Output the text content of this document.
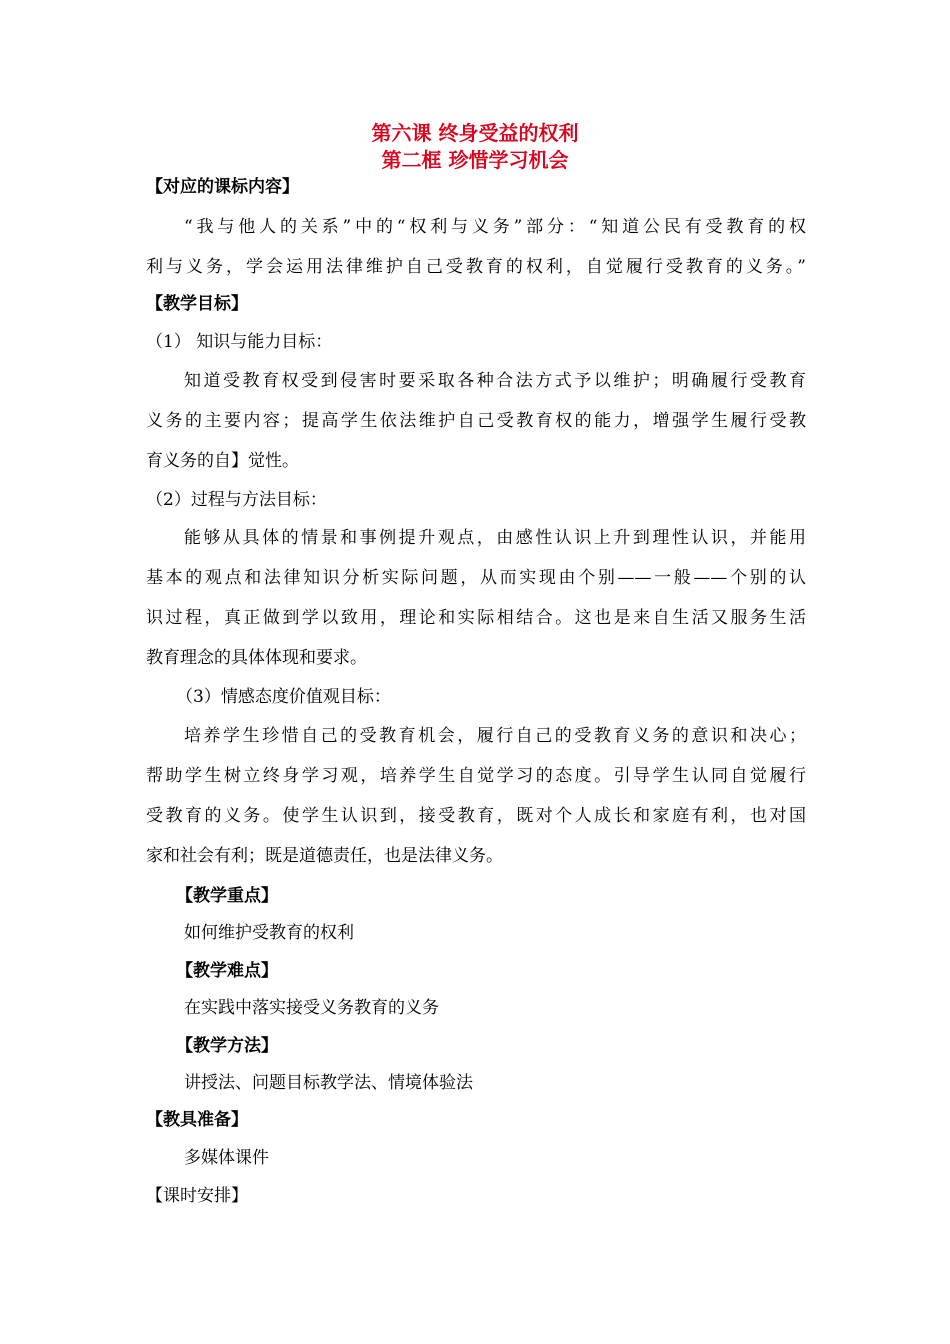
第六课 终身受益的权利
第二框 珍惜学习机会
【对应的课标内容】
“我与他人的关系”中的“权利与义务”部分：“知道公民有受教育的权
利与义务，学会运用法律维护自己受教育的权利，自觉履行受教育的义务。”
【教学目标】
（1） 知识与能力目标：
知道受教育权受到侵害时要采取各种合法方式予以维护；明确履行受教育
义务的主要内容；提高学生依法维护自己受教育权的能力，增强学生履行受教
育义务的自】觉性。
（2）过程与方法目标：
能够从具体的情景和事例提升观点，由感性认识上升到理性认识，并能用
基本的观点和法律知识分析实际问题，从而实现由个别——一般——个别的认
识过程，真正做到学以致用，理论和实际相结合。这也是来自生活又服务生活
教育理念的具体体现和要求。
（3）情感态度价值观目标：
培养学生珍惜自己的受教育机会，履行自己的受教育义务的意识和决心；
帮助学生树立终身学习观，培养学生自觉学习的态度。引导学生认同自觉履行
受教育的义务。使学生认识到，接受教育，既对个人成长和家庭有利，也对国
家和社会有利；既是道德责任，也是法律义务。
【教学重点】
如何维护受教育的权利
【教学难点】
在实践中落实接受义务教育的义务
【教学方法】
讲授法、问题目标教学法、情境体验法
【教具准备】
多媒体课件
【课时安排】
